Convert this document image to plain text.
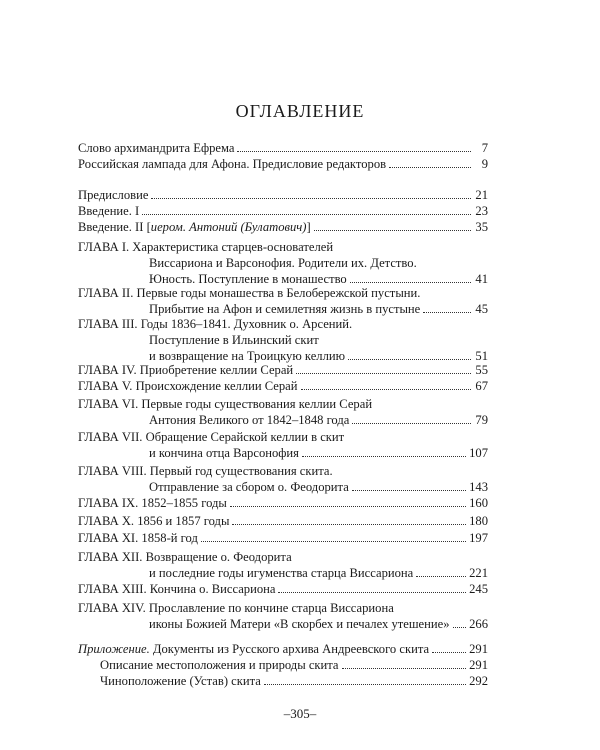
ОГЛАВЛЕНИЕ
Слово архимандрита Ефрема	7
Российская лампада для Афона. Предисловие редакторов	9
Предисловие	21
Введение. I	23
Введение. II [иером. Антоний (Булатович)]	35
ГЛАВА I. Характеристика старцев-основателей
Виссариона и Варсонофия. Родители их. Детство.
Юность. Поступление в монашество	41
ГЛАВА II. Первые годы монашества в Белобережской пустыни.
Прибытие на Афон и семилетняя жизнь в пустыне	45
ГЛАВА III. Годы 1836–1841. Духовник о. Арсений.
Поступление в Ильинский скит
и возвращение на Троицкую келлию	51
ГЛАВА IV. Приобретение келлии Серай	55
ГЛАВА V. Происхождение келлии Серай	67
ГЛАВА VI. Первые годы существования келлии Серай
Антония Великого от 1842–1848 года	79
ГЛАВА VII. Обращение Серайской келлии в скит
и кончина отца Варсонофия	107
ГЛАВА VIII. Первый год существования скита.
Отправление за сбором о. Феодорита	143
ГЛАВА IX. 1852–1855 годы	160
ГЛАВА X. 1856 и 1857 годы	180
ГЛАВА XI. 1858-й год	197
ГЛАВА XII. Возвращение о. Феодорита
и последние годы игуменства старца Виссариона	221
ГЛАВА XIII. Кончина о. Виссариона	245
ГЛАВА XIV. Прославление по кончине старца Виссариона
иконы Божией Матери «В скорбех и печалех утешение» 266
Приложение. Документы из Русского архива Андреевского скита	291
Описание местоположения и природы скита	291
Чиноположение (Устав) скита	292
–305–
